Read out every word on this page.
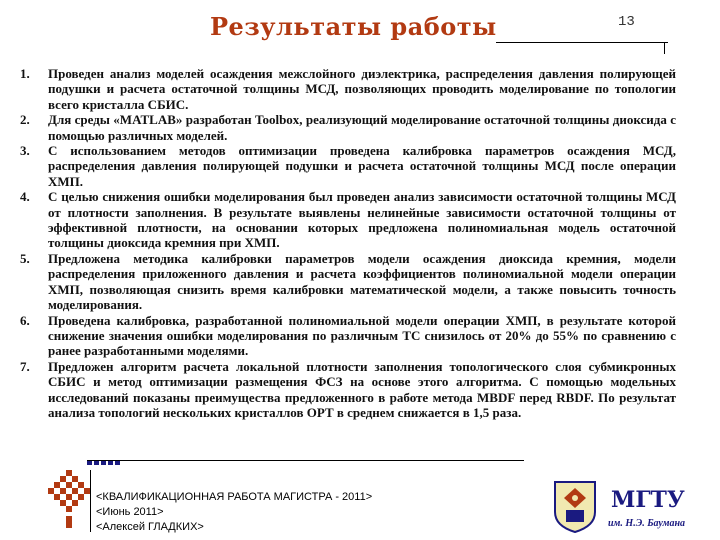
Результаты работы	13
1. Проведен анализ моделей осаждения межслойного диэлектрика, распределения давления полирующей подушки и расчета остаточной толщины МСД, позволяющих проводить моделирование по топологии всего кристалла СБИС.
2. Для среды «MATLAB» разработан Toolbox, реализующий моделирование остаточной толщины диоксида с помощью различных моделей.
3. С использованием методов оптимизации проведена калибровка параметров осаждения МСД, распределения давления полирующей подушки и расчета остаточной толщины МСД после операции ХМП.
4. С целью снижения ошибки моделирования был проведен анализ зависимости остаточной толщины МСД от плотности заполнения. В результате выявлены нелинейные зависимости остаточной толщины от эффективной плотности, на основании которых предложена полиномиальная модель остаточной толщины диоксида кремния при ХМП.
5. Предложена методика калибровки параметров модели осаждения диоксида кремния, модели распределения приложенного давления и расчета коэффициентов полиномиальной модели операции ХМП, позволяющая снизить время калибровки математической модели, а также повысить точность моделирования.
6. Проведена калибровка, разработанной полиномиальной модели операции ХМП, в результате которой снижение значения ошибки моделирования по различным ТС снизилось от 20% до 55% по сравнению с ранее разработанными моделями.
7. Предложен алгоритм расчета локальной плотности заполнения топологического слоя субмикронных СБИС и метод оптимизации размещения ФСЗ на основе этого алгоритма. С помощью модельных исследований показаны преимущества предложенного в работе метода MBDF перед RBDF. По результат анализа топологий нескольких кристаллов ОРТ в среднем снижается в 1,5 раза.
<КВАЛИФИКАЦИОННАЯ РАБОТА МАГИСТРА - 2011>
<Июнь 2011>
<Алексей ГЛАДКИХ>
МГТУ
им. Н.Э. Баумана
